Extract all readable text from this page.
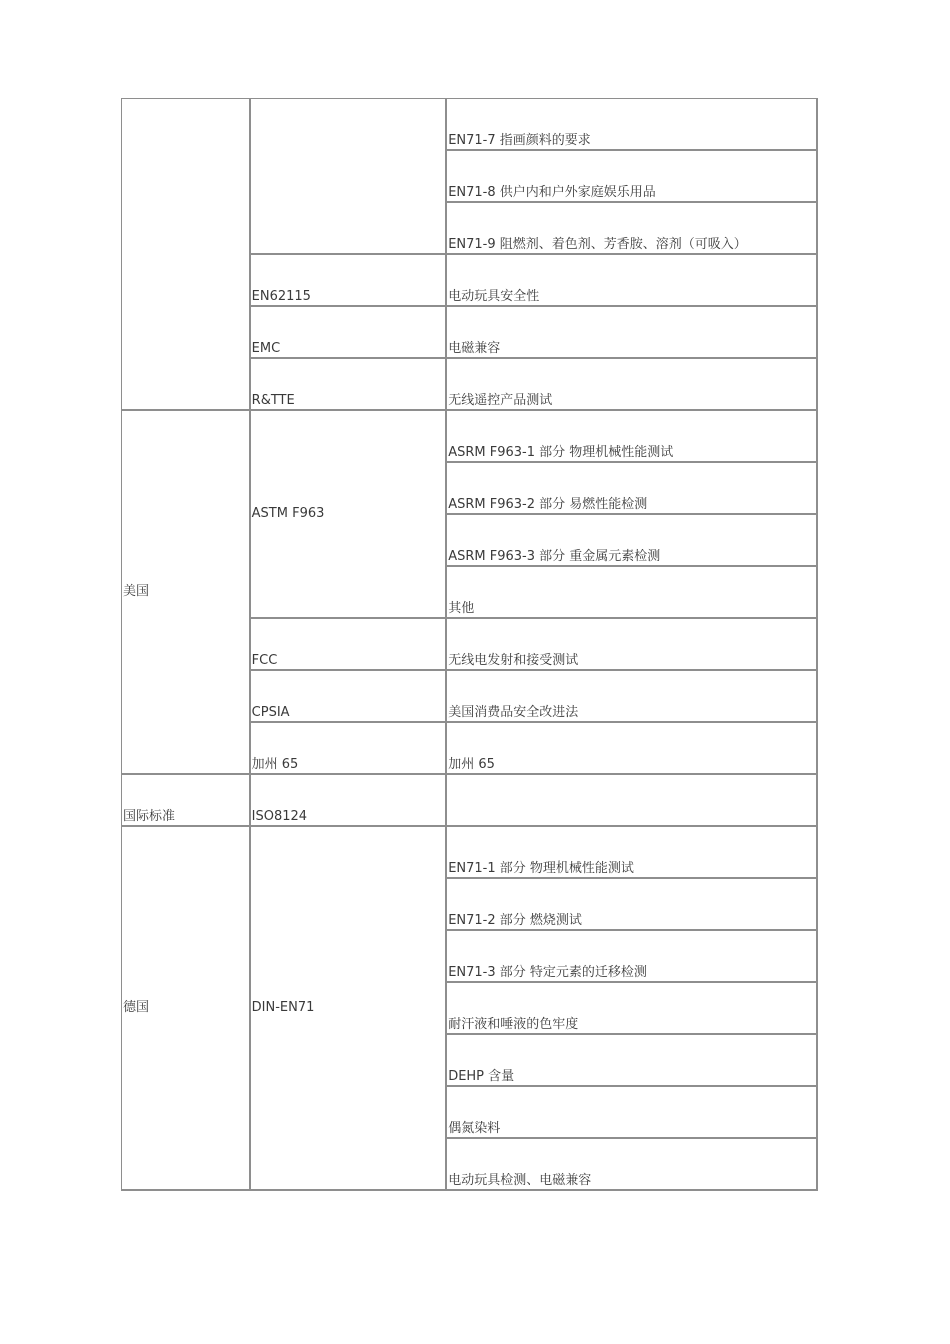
		EN71-7 指画颜料的要求
		EN71-8 供户内和户外家庭娱乐用品
		EN71-9 阻燃剂、着色剂、芳香胺、溶剂（可吸入）
	EN62115	电动玩具安全性
	EMC	电磁兼容
	R&TTE	无线遥控产品测试
美国	ASTM F963	ASRM F963-1 部分 物理机械性能测试
		ASRM F963-2 部分 易燃性能检测
		ASRM F963-3 部分 重金属元素检测
		其他
	FCC	无线电发射和接受测试
	CPSIA	美国消费品安全改进法
	加州 65	加州 65
国际标准	ISO8124	
德国	DIN-EN71	EN71-1 部分 物理机械性能测试
		EN71-2 部分 燃烧测试
		EN71-3 部分 特定元素的迁移检测
		耐汗液和唾液的色牢度
		DEHP 含量
		偶氮染料
		电动玩具检测、电磁兼容
